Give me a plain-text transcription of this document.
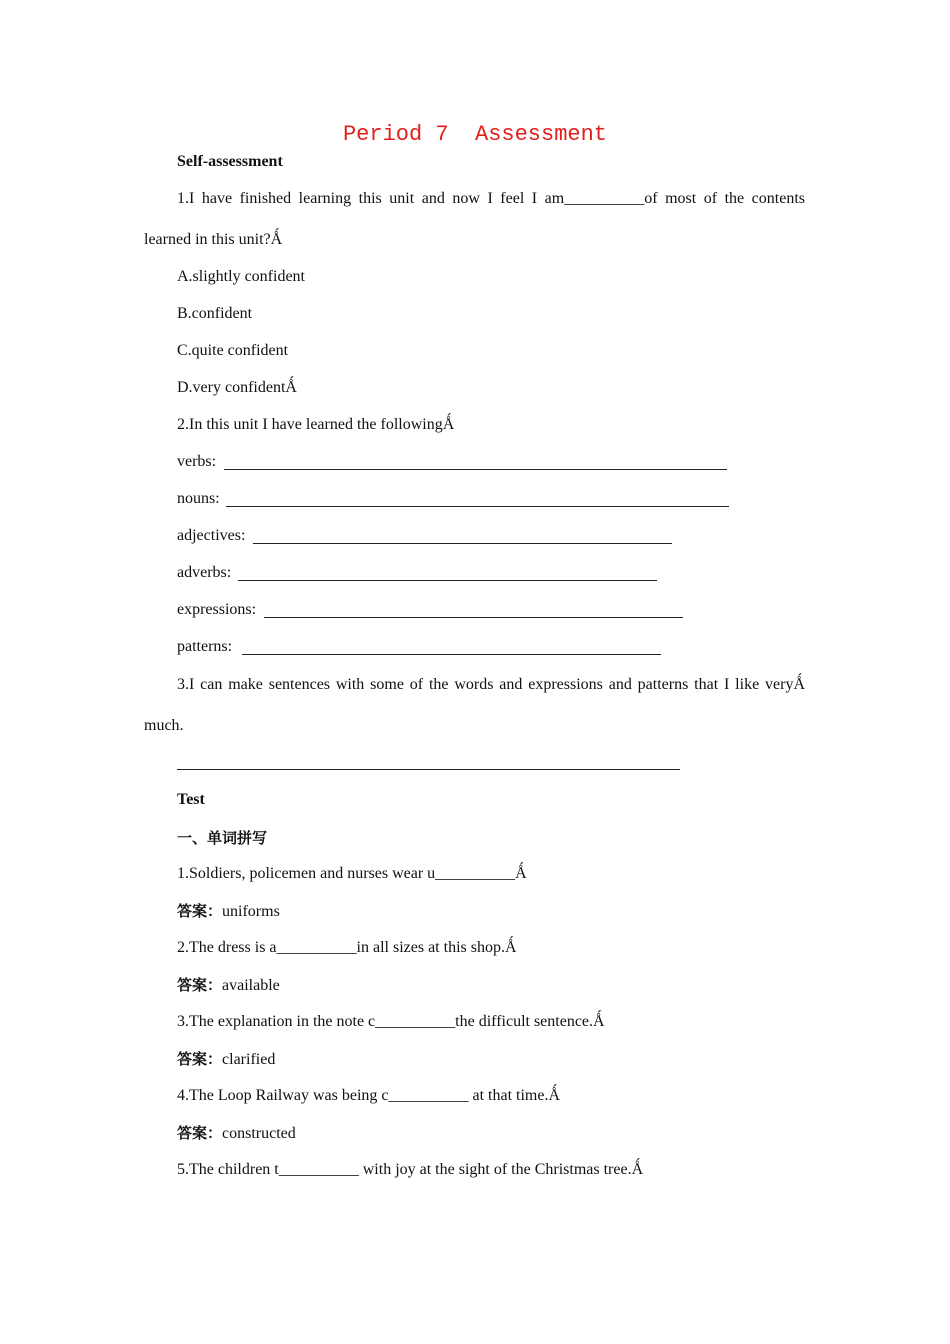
Period 7  Assessment
Self-assessment
1.I have finished learning this unit and now I feel I am__________of most of the contents
learned in this unit?Ǻ
A.slightly confident
B.confident
C.quite confident
D.very confidentǺ
2.In this unit I have learned the followingǺ
verbs:
nouns:
adjectives:
adverbs:
expressions:
patterns:
3.I can make sentences with some of the words and expressions and patterns that I like veryǺ
much.
Test
一、单词拼写
1.Soldiers, policemen and nurses wear u__________Ǻ
答案：uniforms
2.The dress is a__________in all sizes at this shop.Ǻ
答案：available
3.The explanation in the note c__________the difficult sentence.Ǻ
答案：clarified
4.The Loop Railway was being c__________ at that time.Ǻ
答案：constructed
5.The children t__________ with joy at the sight of the Christmas tree.Ǻ
